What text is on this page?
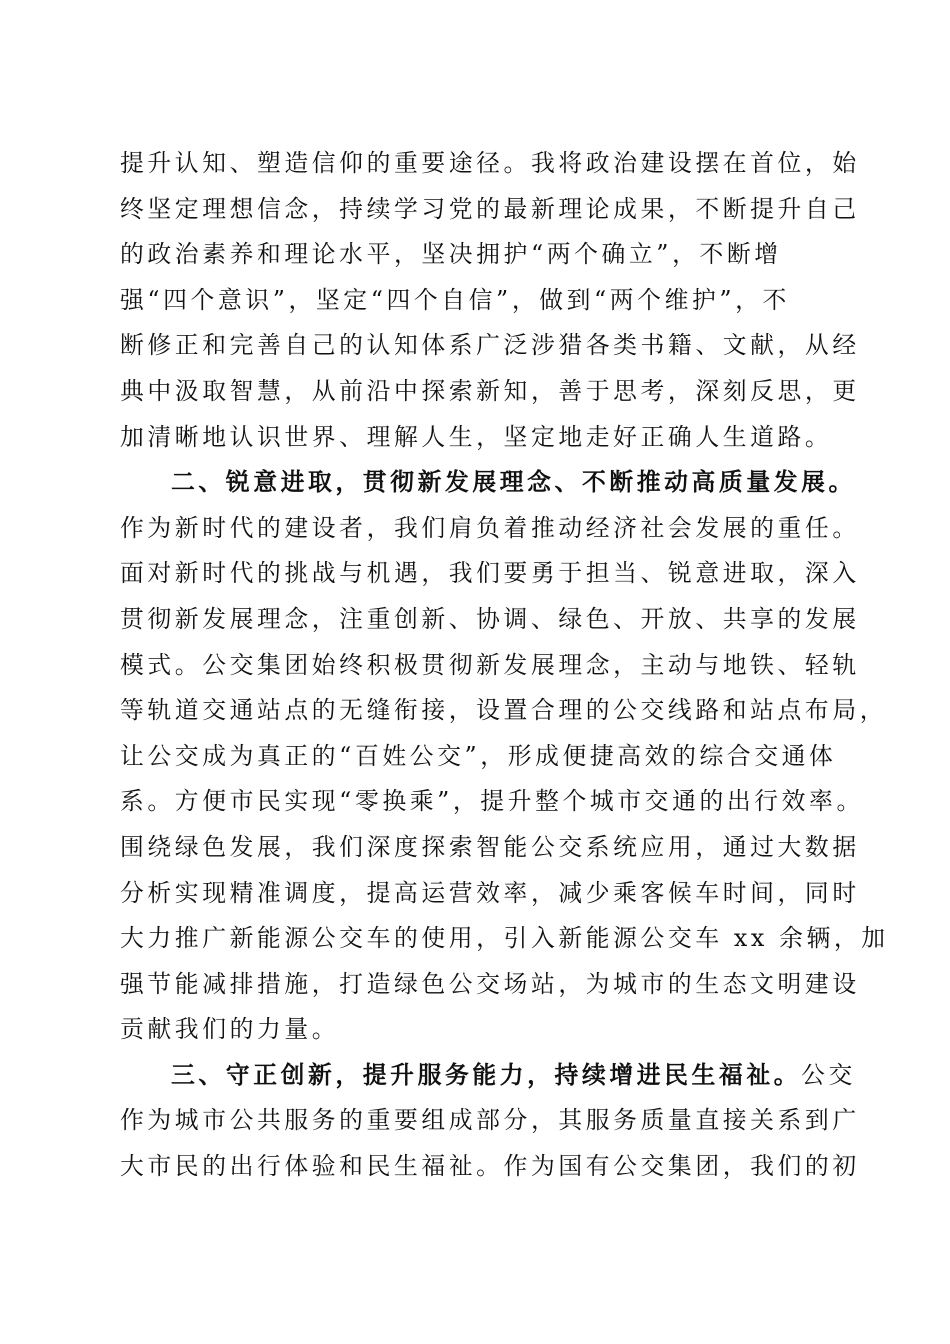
提升认知、塑造信仰的重要途径。我将政治建设摆在首位，始
终坚定理想信念，持续学习党的最新理论成果，不断提升自己
的政治素养和理论水平，坚决拥护“两个确立”，不断增
强“四个意识”，坚定“四个自信”，做到“两个维护”，不
断修正和完善自己的认知体系广泛涉猎各类书籍、文献，从经
典中汲取智慧，从前沿中探索新知，善于思考，深刻反思，更
加清晰地认识世界、理解人生，坚定地走好正确人生道路。
二、锐意进取，贯彻新发展理念、不断推动高质量发展。
作为新时代的建设者，我们肩负着推动经济社会发展的重任。
面对新时代的挑战与机遇，我们要勇于担当、锐意进取，深入
贯彻新发展理念，注重创新、协调、绿色、开放、共享的发展
模式。公交集团始终积极贯彻新发展理念，主动与地铁、轻轨
等轨道交通站点的无缝衔接，设置合理的公交线路和站点布局，
让公交成为真正的“百姓公交”，形成便捷高效的综合交通体
系。方便市民实现“零换乘”，提升整个城市交通的出行效率。
围绕绿色发展，我们深度探索智能公交系统应用，通过大数据
分析实现精准调度，提高运营效率，减少乘客候车时间，同时
大力推广新能源公交车的使用，引入新能源公交车 xx 余辆，加
强节能减排措施，打造绿色公交场站，为城市的生态文明建设
贡献我们的力量。
三、守正创新，提升服务能力，持续增进民生福祉。公交
作为城市公共服务的重要组成部分，其服务质量直接关系到广
大市民的出行体验和民生福祉。作为国有公交集团，我们的初
